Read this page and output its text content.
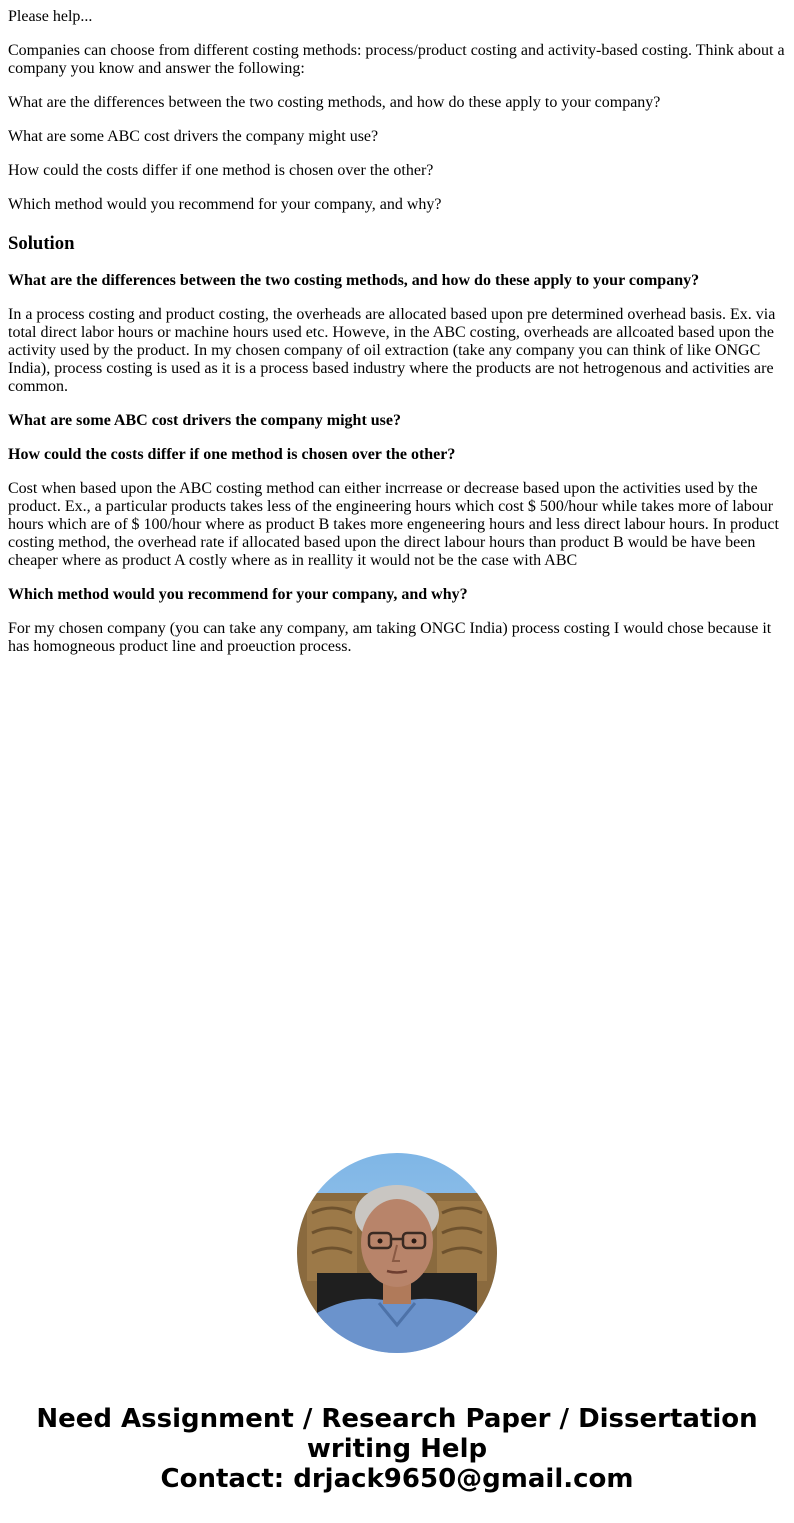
Please help...

Companies can choose from different costing methods: process/product costing and activity-based costing. Think about a company you know and answer the following:

What are the differences between the two costing methods, and how do these apply to your company?

What are some ABC cost drivers the company might use?

How could the costs differ if one method is chosen over the other?

Which method would you recommend for your company, and why?

Solution

What are the differences between the two costing methods, and how do these apply to your company?

In a process costing and product costing, the overheads are allocated based upon pre determined overhead basis. Ex. via total direct labor hours or machine hours used etc. Howeve, in the ABC costing, overheads are allcoated based upon the activity used by the product. In my chosen company of oil extraction (take any company you can think of like ONGC India), process costing is used as it is a process based industry where the products are not hetrogenous and activities are common.

What are some ABC cost drivers the company might use?

How could the costs differ if one method is chosen over the other?

Cost when based upon the ABC costing method can either incrrease or decrease based upon the activities used by the product. Ex., a particular products takes less of the engineering hours which cost $ 500/hour while takes more of labour hours which are of $ 100/hour where as product B takes more engeneering hours and less direct labour hours. In product costing method, the overhead rate if allocated based upon the direct labour hours than product B would be have been cheaper where as product A costly where as in reallity it would not be the case with ABC

Which method would you recommend for your company, and why?

For my chosen company (you can take any company, am taking ONGC India) process costing I would chose because it has homogneous product line and proeuction process.

Need Assignment / Research Paper / Dissertation
writing Help
Contact: drjack9650@gmail.com
